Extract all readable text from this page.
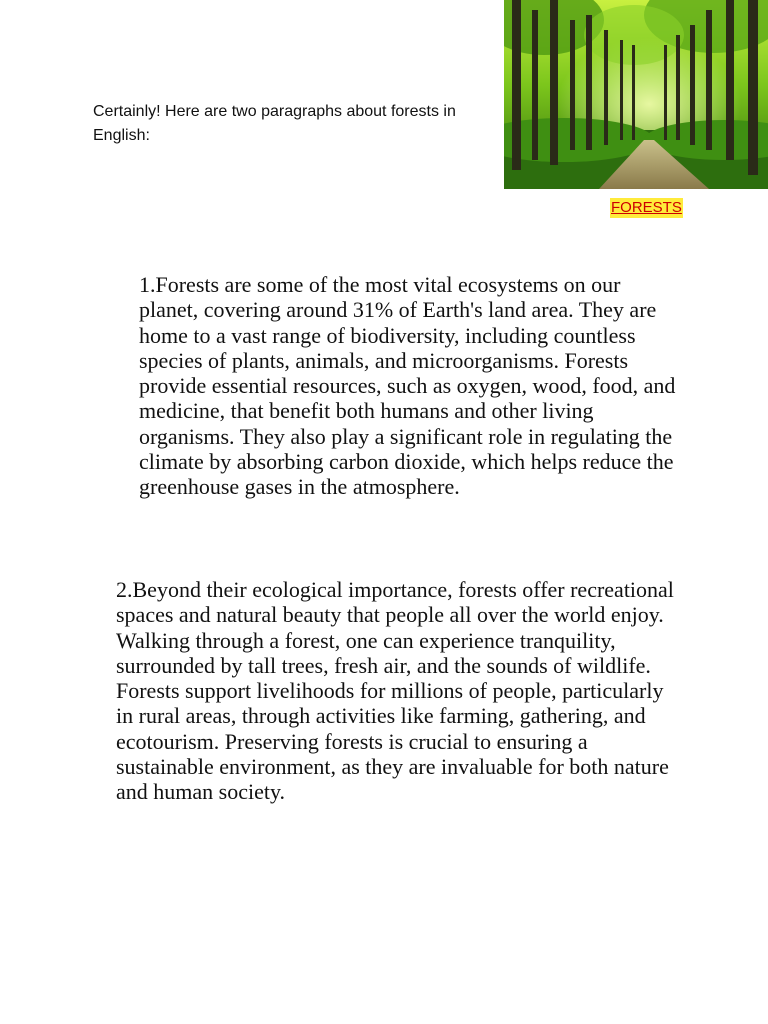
Certainly! Here are two paragraphs about forests in English:

FORESTS

1.Forests are some of the most vital ecosystems on our planet, covering around 31% of Earth's land area. They are home to a vast range of biodiversity, including countless species of plants, animals, and microorganisms. Forests provide essential resources, such as oxygen, wood, food, and medicine, that benefit both humans and other living organisms. They also play a significant role in regulating the climate by absorbing carbon dioxide, which helps reduce the greenhouse gases in the atmosphere.

2.Beyond their ecological importance, forests offer recreational spaces and natural beauty that people all over the world enjoy. Walking through a forest, one can experience tranquility, surrounded by tall trees, fresh air, and the sounds of wildlife. Forests support livelihoods for millions of people, particularly in rural areas, through activities like farming, gathering, and ecotourism. Preserving forests is crucial to ensuring a sustainable environment, as they are invaluable for both nature and human society.
